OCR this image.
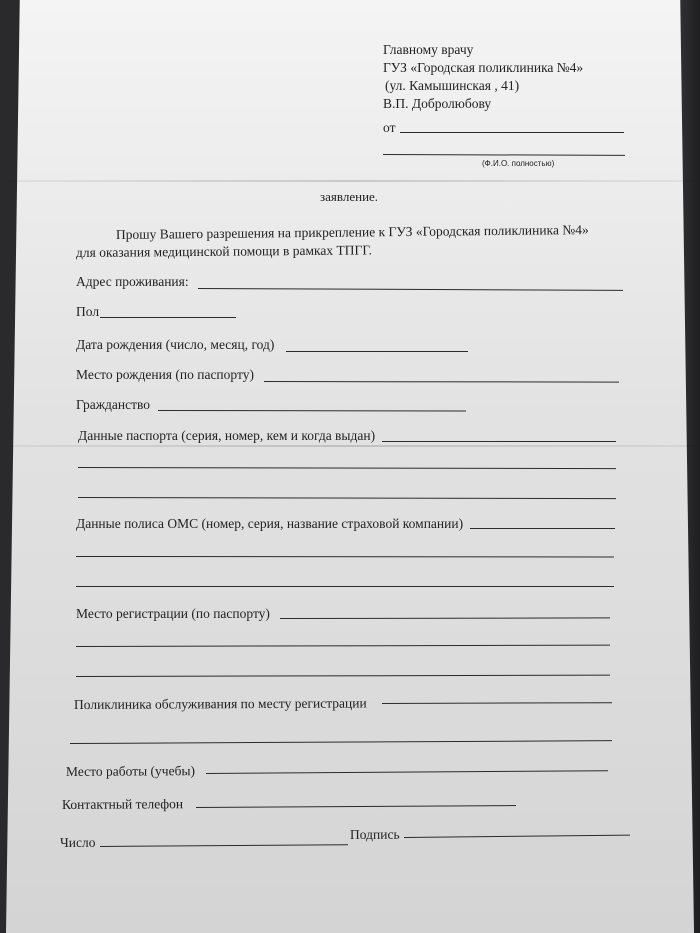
Главному врачу
ГУЗ «Городская поликлиника №4»
(ул. Камышинская , 41)
В.П. Добролюбову
от
(Ф.И.О. полностью)
заявление.
Прошу Вашего разрешения на прикрепление к ГУЗ «Городская поликлиника №4»
для оказания медицинской помощи в рамках ТПГГ.
Адрес проживания:
Пол
Дата рождения (число, месяц, год)
Место рождения (по паспорту)
Гражданство
Данные паспорта (серия, номер, кем и когда выдан)
Данные полиса ОМС (номер, серия, название страховой компании)
Место регистрации (по паспорту)
Поликлиника обслуживания по месту регистрации
Место работы (учебы)
Контактный телефон
Число
Подпись
